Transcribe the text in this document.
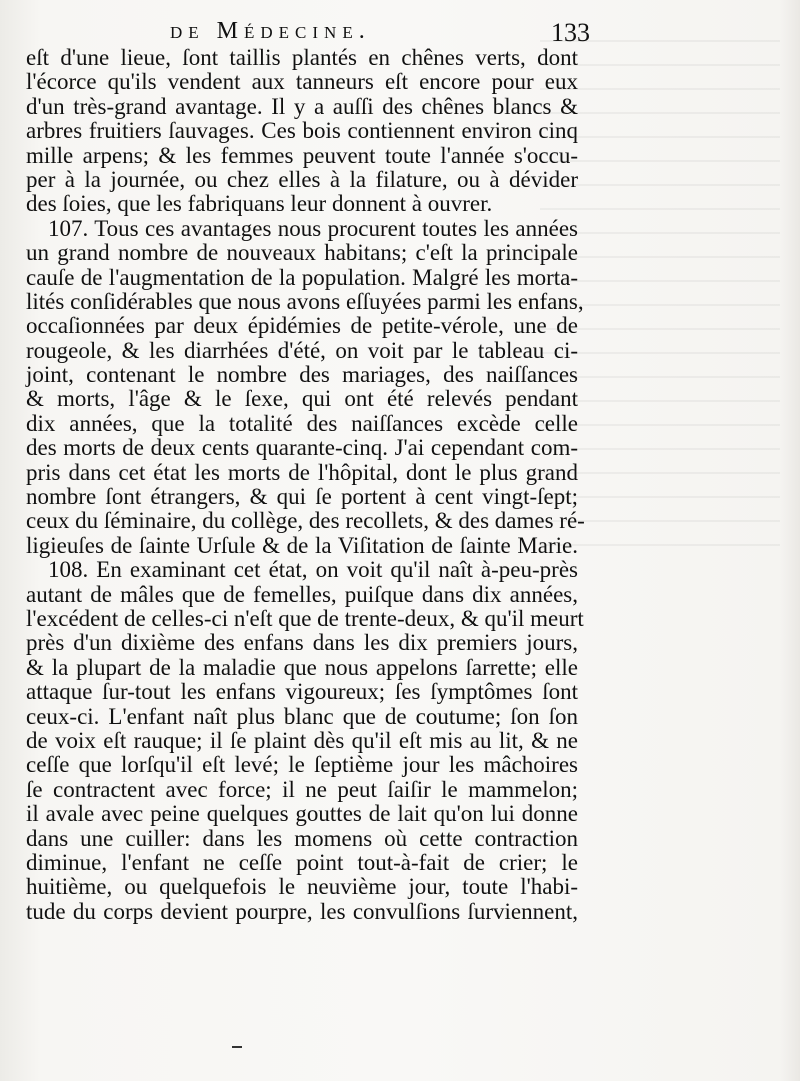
de Médecine.	133
eſt d'une lieue, ſont taillis plantés en chênes verts, dont
l'écorce qu'ils vendent aux tanneurs eſt encore pour eux
d'un très-grand avantage. Il y a auſſi des chênes blancs &
arbres fruitiers ſauvages. Ces bois contiennent environ cinq
mille arpens; & les femmes peuvent toute l'année s'occu-
per à la journée, ou chez elles à la filature, ou à dévider
des ſoies, que les fabriquans leur donnent à ouvrer.
107. Tous ces avantages nous procurent toutes les années
un grand nombre de nouveaux habitans; c'eſt la principale
cauſe de l'augmentation de la population. Malgré les morta-
lités conſidérables que nous avons eſſuyées parmi les enfans,
occaſionnées par deux épidémies de petite-vérole, une de
rougeole, & les diarrhées d'été, on voit par le tableau ci-
joint, contenant le nombre des mariages, des naiſſances
& morts, l'âge & le ſexe, qui ont été relevés pendant
dix années, que la totalité des naiſſances excède celle
des morts de deux cents quarante-cinq. J'ai cependant com-
pris dans cet état les morts de l'hôpital, dont le plus grand
nombre ſont étrangers, & qui ſe portent à cent vingt-ſept;
ceux du ſéminaire, du collège, des recollets, & des dames ré-
ligieuſes de ſainte Urſule & de la Viſitation de ſainte Marie.
108. En examinant cet état, on voit qu'il naît à-peu-près
autant de mâles que de femelles, puiſque dans dix années,
l'excédent de celles-ci n'eſt que de trente-deux, & qu'il meurt
près d'un dixième des enfans dans les dix premiers jours,
& la plupart de la maladie que nous appelons ſarrette; elle
attaque ſur-tout les enfans vigoureux; ſes ſymptômes ſont
ceux-ci. L'enfant naît plus blanc que de coutume; ſon ſon
de voix eſt rauque; il ſe plaint dès qu'il eſt mis au lit, & ne
ceſſe que lorſqu'il eſt levé; le ſeptième jour les mâchoires
ſe contractent avec force; il ne peut ſaiſir le mammelon;
il avale avec peine quelques gouttes de lait qu'on lui donne
dans une cuiller: dans les momens où cette contraction
diminue, l'enfant ne ceſſe point tout-à-fait de crier; le
huitième, ou quelquefois le neuvième jour, toute l'habi-
tude du corps devient pourpre, les convulſions ſurviennent,
